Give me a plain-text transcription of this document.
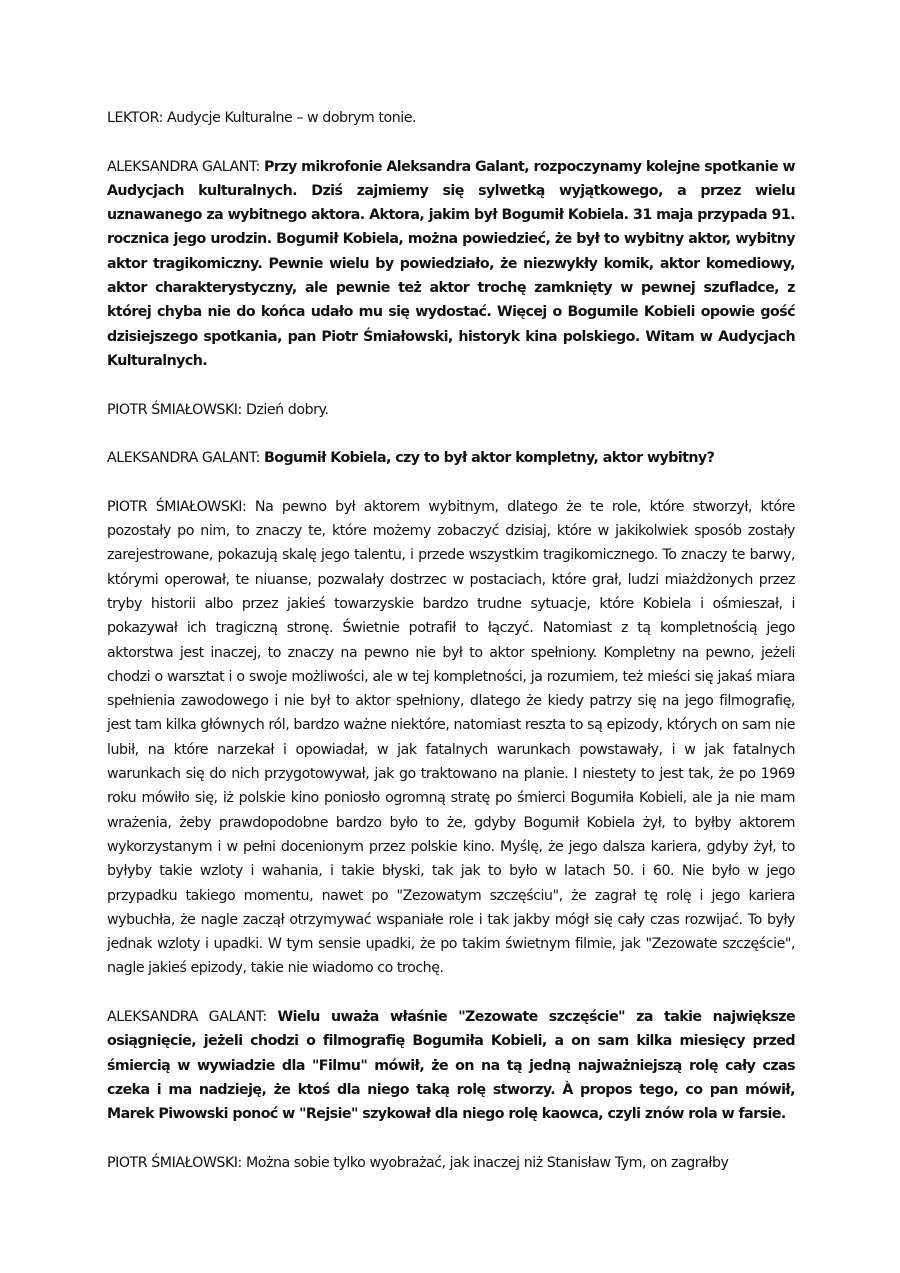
LEKTOR: Audycje Kulturalne – w dobrym tonie.

ALEKSANDRA GALANT: Przy mikrofonie Aleksandra Galant, rozpoczynamy kolejne spotkanie w Audycjach kulturalnych. Dziś zajmiemy się sylwetką wyjątkowego, a przez wielu uznawanego za wybitnego aktora. Aktora, jakim był Bogumił Kobiela. 31 maja przypada 91. rocznica jego urodzin. Bogumił Kobiela, można powiedzieć, że był to wybitny aktor, wybitny aktor tragikomiczny. Pewnie wielu by powiedziało, że niezwykły komik, aktor komediowy, aktor charakterystyczny, ale pewnie też aktor trochę zamknięty w pewnej szufladce, z której chyba nie do końca udało mu się wydostać. Więcej o Bogumile Kobieli opowie gość dzisiejszego spotkania, pan Piotr Śmiałowski, historyk kina polskiego. Witam w Audycjach Kulturalnych.

PIOTR ŚMIAŁOWSKI: Dzień dobry.

ALEKSANDRA GALANT: Bogumił Kobiela, czy to był aktor kompletny, aktor wybitny?

PIOTR ŚMIAŁOWSKI: Na pewno był aktorem wybitnym, dlatego że te role, które stworzył, które pozostały po nim, to znaczy te, które możemy zobaczyć dzisiaj, które w jakikolwiek sposób zostały zarejestrowane, pokazują skalę jego talentu, i przede wszystkim tragikomicznego. To znaczy te barwy, którymi operował, te niuanse, pozwalały dostrzec w postaciach, które grał, ludzi miażdżonych przez tryby historii albo przez jakieś towarzyskie bardzo trudne sytuacje, które Kobiela i ośmieszał, i pokazywał ich tragiczną stronę. Świetnie potrafił to łączyć. Natomiast z tą kompletnością jego aktorstwa jest inaczej, to znaczy na pewno nie był to aktor spełniony. Kompletny na pewno, jeżeli chodzi o warsztat i o swoje możliwości, ale w tej kompletności, ja rozumiem, też mieści się jakaś miara spełnienia zawodowego i nie był to aktor spełniony, dlatego że kiedy patrzy się na jego filmografię, jest tam kilka głównych ról, bardzo ważne niektóre, natomiast reszta to są epizody, których on sam nie lubił, na które narzekał i opowiadał, w jak fatalnych warunkach powstawały, i w jak fatalnych warunkach się do nich przygotowywał, jak go traktowano na planie. I niestety to jest tak, że po 1969 roku mówiło się, iż polskie kino poniosło ogromną stratę po śmierci Bogumiła Kobieli, ale ja nie mam wrażenia, żeby prawdopodobne bardzo było to że, gdyby Bogumił Kobiela żył, to byłby aktorem wykorzystanym i w pełni docenionym przez polskie kino. Myślę, że jego dalsza kariera, gdyby żył, to byłyby takie wzloty i wahania, i takie błyski, tak jak to było w latach 50. i 60. Nie było w jego przypadku takiego momentu, nawet po "Zezowatym szczęściu", że zagrał tę rolę i jego kariera wybuchła, że nagle zaczął otrzymywać wspaniałe role i tak jakby mógł się cały czas rozwijać. To były jednak wzloty i upadki. W tym sensie upadki, że po takim świetnym filmie, jak "Zezowate szczęście", nagle jakieś epizody, takie nie wiadomo co trochę.

ALEKSANDRA GALANT: Wielu uważa właśnie "Zezowate szczęście" za takie największe osiągnięcie, jeżeli chodzi o filmografię Bogumiła Kobieli, a on sam kilka miesięcy przed śmiercią w wywiadzie dla "Filmu" mówił, że on na tą jedną najważniejszą rolę cały czas czeka i ma nadzieję, że ktoś dla niego taką rolę stworzy. À propos tego, co pan mówił, Marek Piwowski ponoć w "Rejsie" szykował dla niego rolę kaowca, czyli znów rola w farsie.

PIOTR ŚMIAŁOWSKI: Można sobie tylko wyobrażać, jak inaczej niż Stanisław Tym, on zagrałby
